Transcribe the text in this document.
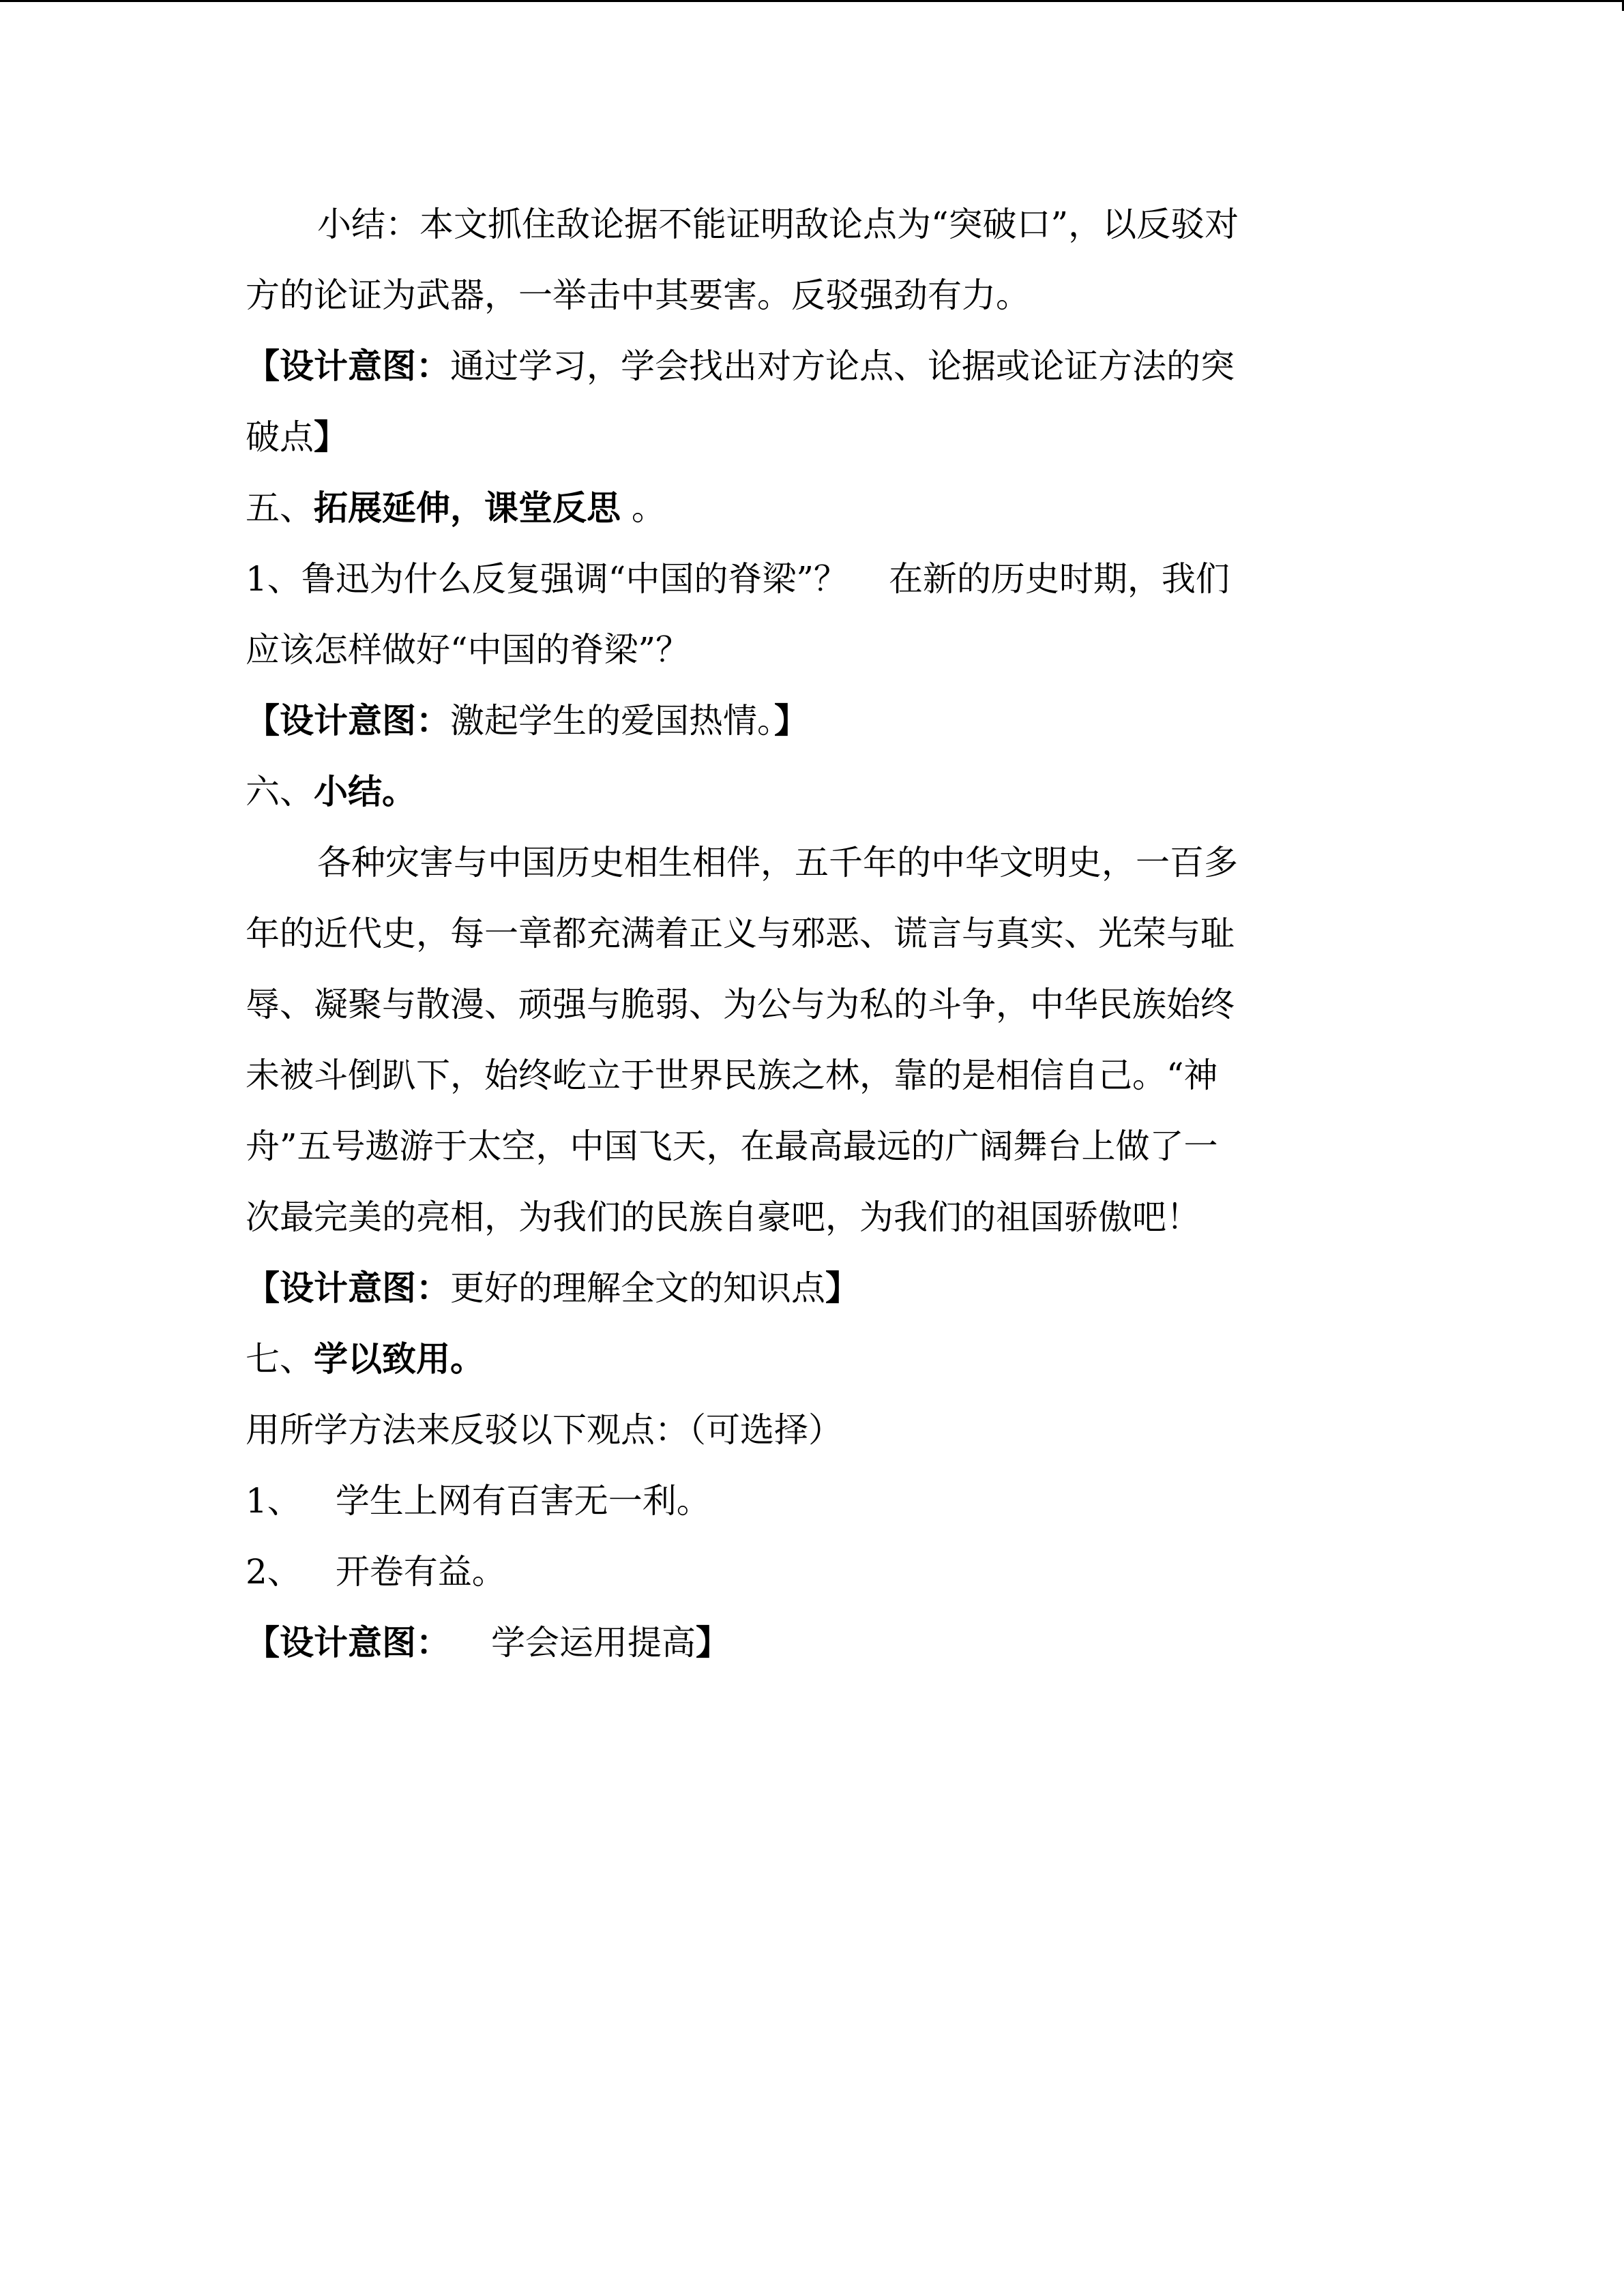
小结：本文抓住敌论据不能证明敌论点为“突破口”，以反驳对
方的论证为武器，一举击中其要害。反驳强劲有力。
【设计意图：通过学习，学会找出对方论点、论据或论证方法的突
破点】
五、拓展延伸，课堂反思 。
1、鲁迅为什么反复强调“中国的脊梁”？ 在新的历史时期，我们
应该怎样做好“中国的脊梁”？
【设计意图：激起学生的爱国热情。】
六、小结。
各种灾害与中国历史相生相伴，五千年的中华文明史，一百多
年的近代史，每一章都充满着正义与邪恶、谎言与真实、光荣与耻
辱、凝聚与散漫、顽强与脆弱、为公与为私的斗争，中华民族始终
未被斗倒趴下，始终屹立于世界民族之林，靠的是相信自己。“神
舟”五号遨游于太空，中国飞天，在最高最远的广阔舞台上做了一
次最完美的亮相，为我们的民族自豪吧，为我们的祖国骄傲吧！
【设计意图：更好的理解全文的知识点】
七、学以致用。
用所学方法来反驳以下观点：（可选择）
1、 学生上网有百害无一利。
2、 开卷有益。
【设计意图： 学会运用提高】
